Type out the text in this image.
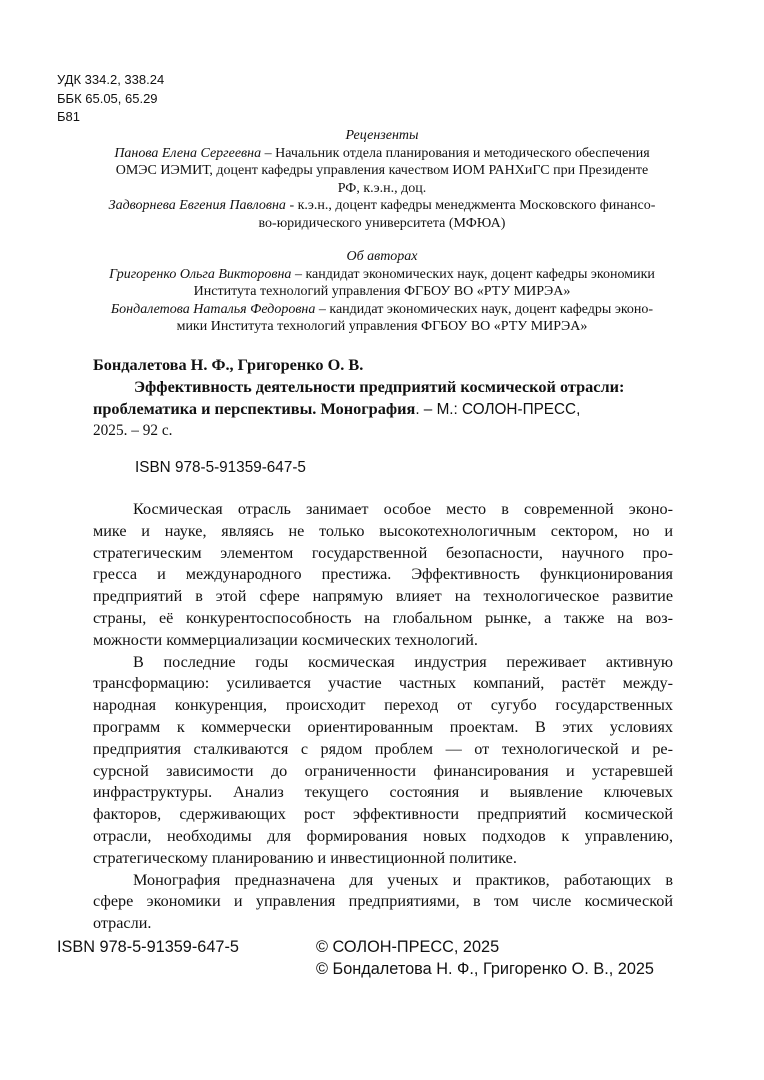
УДК 334.2, 338.24
ББК 65.05, 65.29
Б81
Рецензенты
Панова Елена Сергеевна – Начальник отдела планирования и методического обеспечения
ОМЭС ИЭМИТ, доцент кафедры управления качеством ИОМ РАНХиГС при Президенте
РФ, к.э.н., доц.
Задворнева Евгения Павловна - к.э.н., доцент кафедры менеджмента Московского финансо-
во-юридического университета (МФЮА)
Об авторах
Григоренко Ольга Викторовна – кандидат экономических наук, доцент кафедры экономики
Института технологий управления ФГБОУ ВО «РТУ МИРЭА»
Бондалетова Наталья Федоровна – кандидат экономических наук, доцент кафедры эконо-
мики Института технологий управления ФГБОУ ВО «РТУ МИРЭА»
Бондалетова Н. Ф., Григоренко О. В.
Эффективность деятельности предприятий космической отрасли:
проблематика и перспективы. Монография. – М.: СОЛОН-ПРЕСС,
2025. – 92 с.
ISBN 978-5-91359-647-5

Космическая отрасль занимает особое место в современной эконо-
мике и науке, являясь не только высокотехнологичным сектором, но и
стратегическим элементом государственной безопасности, научного про-
гресса и международного престижа. Эффективность функционирования
предприятий в этой сфере напрямую влияет на технологическое развитие
страны, её конкурентоспособность на глобальном рынке, а также на воз-
можности коммерциализации космических технологий.

В последние годы космическая индустрия переживает активную
трансформацию: усиливается участие частных компаний, растёт между-
народная конкуренция, происходит переход от сугубо государственных
программ к коммерчески ориентированным проектам. В этих условиях
предприятия сталкиваются с рядом проблем — от технологической и ре-
сурсной зависимости до ограниченности финансирования и устаревшей
инфраструктуры. Анализ текущего состояния и выявление ключевых
факторов, сдерживающих рост эффективности предприятий космической
отрасли, необходимы для формирования новых подходов к управлению,
стратегическому планированию и инвестиционной политике.

Монография предназначена для ученых и практиков, работающих в
сфере экономики и управления предприятиями, в том числе космической
отрасли.

ISBN 978-5-91359-647-5	© СОЛОН-ПРЕСС, 2025
© Бондалетова Н. Ф., Григоренко О. В., 2025
